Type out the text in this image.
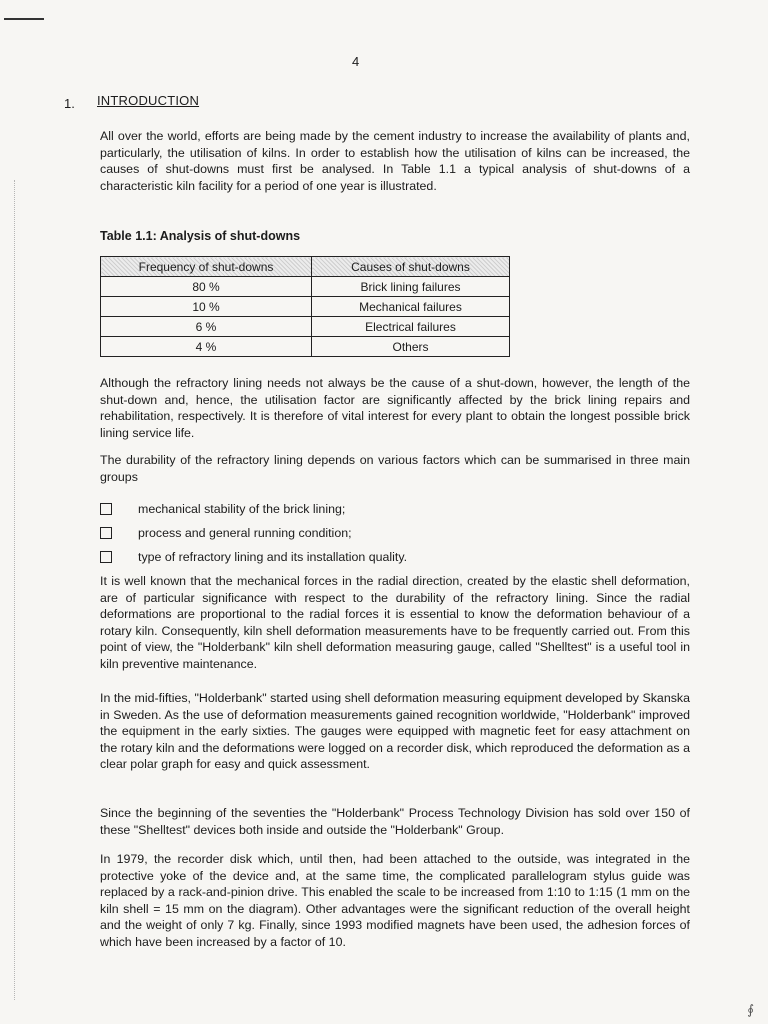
4
1. INTRODUCTION

All over the world, efforts are being made by the cement industry to increase the availability of plants and, particularly, the utilisation of kilns. In order to establish how the utilisation of kilns can be increased, the causes of shut-downs must first be analysed. In Table 1.1 a typical analysis of shut-downs of a characteristic kiln facility for a period of one year is illustrated.

Table 1.1: Analysis of shut-downs
Frequency of shut-downs	Causes of shut-downs
80 %	Brick lining failures
10 %	Mechanical failures
6 %	Electrical failures
4 %	Others

Although the refractory lining needs not always be the cause of a shut-down, however, the length of the shut-down and, hence, the utilisation factor are significantly affected by the brick lining repairs and rehabilitation, respectively. It is therefore of vital interest for every plant to obtain the longest possible brick lining service life.

The durability of the refractory lining depends on various factors which can be summarised in three main groups

mechanical stability of the brick lining;
process and general running condition;
type of refractory lining and its installation quality.

It is well known that the mechanical forces in the radial direction, created by the elastic shell deformation, are of particular significance with respect to the durability of the refractory lining. Since the radial deformations are proportional to the radial forces it is essential to know the deformation behaviour of a rotary kiln. Consequently, kiln shell deformation measurements have to be frequently carried out. From this point of view, the "Holderbank" kiln shell deformation measuring gauge, called "Shelltest" is a useful tool in kiln preventive maintenance.

In the mid-fifties, "Holderbank" started using shell deformation measuring equipment developed by Skanska in Sweden. As the use of deformation measurements gained recognition worldwide, "Holderbank" improved the equipment in the early sixties. The gauges were equipped with magnetic feet for easy attachment on the rotary kiln and the deformations were logged on a recorder disk, which reproduced the deformation as a clear polar graph for easy and quick assessment.

Since the beginning of the seventies the "Holderbank" Process Technology Division has sold over 150 of these "Shelltest" devices both inside and outside the "Holderbank" Group.

In 1979, the recorder disk which, until then, had been attached to the outside, was integrated in the protective yoke of the device and, at the same time, the complicated parallelogram stylus guide was replaced by a rack-and-pinion drive. This enabled the scale to be increased from 1:10 to 1:15 (1 mm on the kiln shell = 15 mm on the diagram). Other advantages were the significant reduction of the overall height and the weight of only 7 kg. Finally, since 1993 modified magnets have been used, the adhesion forces of which have been increased by a factor of 10.

∮
